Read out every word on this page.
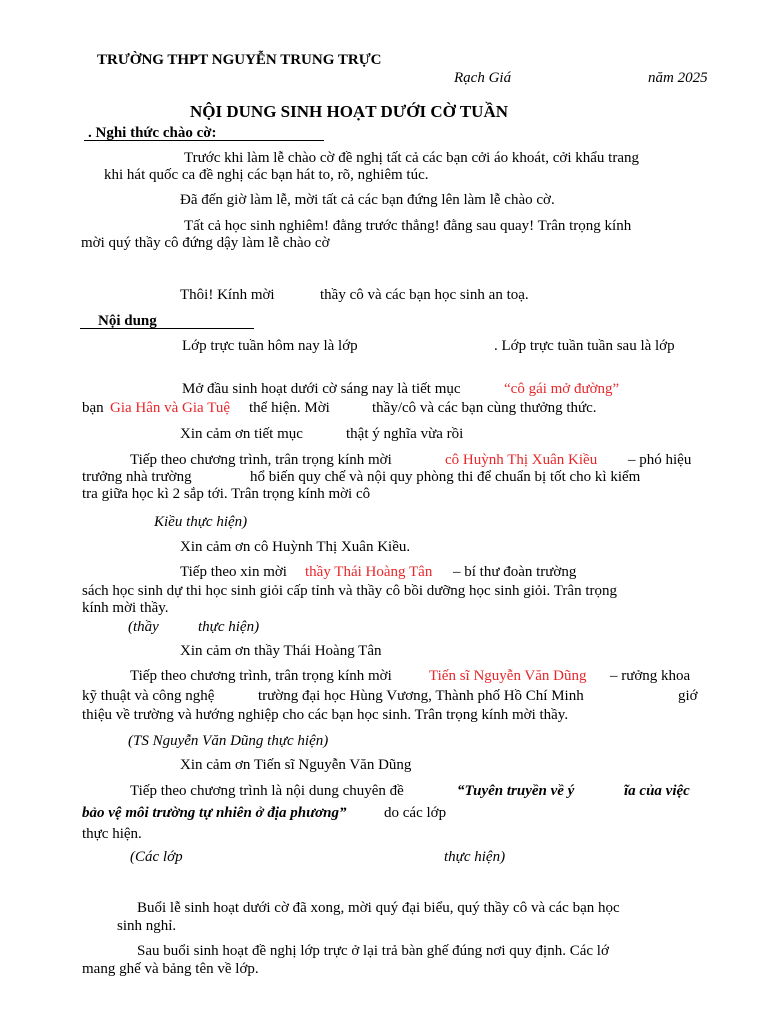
TRƯỜNG THPT NGUYỄN TRUNG TRỰC
Rạch Giá	năm 2025
NỘI DUNG SINH HOẠT DƯỚI CỜ TUẦN
. Nghi thức chào cờ:
Trước khi làm lễ chào cờ đề nghị tất cả các bạn cởi áo khoát, cởi khẩu trang
khi hát quốc ca đề nghị các bạn hát to, rõ, nghiêm túc.
Đã đến giờ làm lễ, mời tất cả các bạn đứng lên làm lễ chào cờ.
Tất cả học sinh nghiêm! đằng trước thẳng! đằng sau quay! Trân trọng kính
mời quý thầy cô đứng dậy làm lễ chào cờ
Thôi! Kính mời	thầy cô và các bạn học sinh an toạ.
Nội dung
Lớp trực tuần hôm nay là lớp	. Lớp trực tuần tuần sau là lớp
Mở đầu sinh hoạt dưới cờ sáng nay là tiết mục	“cô gái mở đường”
bạn Gia Hân và Gia Tuệ thể hiện. Mời	thầy/cô và các bạn cùng thưởng thức.
Xin cảm ơn tiết mục	thật ý nghĩa vừa rồi
Tiếp theo chương trình, trân trọng kính mời	cô Huỳnh Thị Xuân Kiều – phó hiệu
trưởng nhà trường	hổ biến quy chế và nội quy phòng thi để chuẩn bị tốt cho kì kiểm
tra giữa học kì 2 sắp tới. Trân trọng kính mời cô
Kiều thực hiện)
Xin cảm ơn cô Huỳnh Thị Xuân Kiều.
Tiếp theo xin mời thầy Thái Hoàng Tân – bí thư đoàn trường
sách học sinh dự thi học sinh giỏi cấp tỉnh và thầy cô bồi dưỡng học sinh giỏi. Trân trọng
kính mời thầy.
(thầy	thực hiện)
Xin cảm ơn thầy Thái Hoàng Tân
Tiếp theo chương trình, trân trọng kính mời Tiến sĩ Nguyễn Văn Dũng – rưởng khoa
kỹ thuật và công nghệ	trường đại học Hùng Vương, Thành phố Hồ Chí Minh	giớ
thiệu về trường và hướng nghiệp cho các bạn học sinh. Trân trọng kính mời thầy.
(TS Nguyễn Văn Dũng thực hiện)
Xin cảm ơn Tiến sĩ Nguyễn Văn Dũng
Tiếp theo chương trình là nội dung chuyên đề	“Tuyên truyền về ý	ĩa của việc
bảo vệ môi trường tự nhiên ở địa phương”	do các lớp
thực hiện.
(Các lớp	thực hiện)
Buổi lễ sinh hoạt dưới cờ đã xong, mời quý đại biểu, quý thầy cô và các bạn học
sinh nghỉ.
Sau buổi sinh hoạt đề nghị lớp trực ở lại trả bàn ghế đúng nơi quy định. Các lớ
mang ghế và bảng tên về lớp.
